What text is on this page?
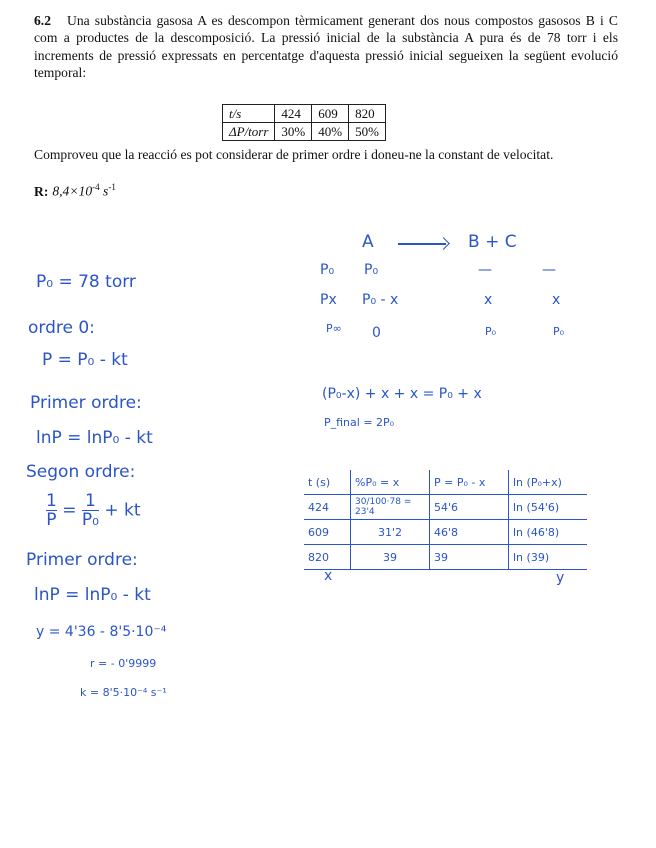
6.2 Una substància gasosa A es descompon tèrmicament generant dos nous compostos gasosos B i C com a productes de la descomposició. La pressió inicial de la substància A pura és de 78 torr i els increments de pressió expressats en percentatge d'aquesta pressió inicial segueixen la següent evolució temporal:
t/s	424	609	820
ΔP/torr	30%	40%	50%
Comproveu que la reacció es pot considerar de primer ordre i doneu-ne la constant de velocitat.
R: $8,4\times 10^{-4}$ $s^{-1}$
P₀ = 78 torr
ordre 0:
P = P₀ - kt
Primer ordre:
lnP = lnP₀ - kt
Segon ordre:
$\frac{1}{P} = \frac{1}{\text{P₀}}$ + kt
Primer ordre:
lnP = lnP₀ - kt
y = 4'36 - 8'5·10⁻⁴
r = - 0'9999
k = 8'5·10⁻⁴ s⁻¹
A	B + C
P₀ P₀	—	—
Px P₀ - x	x	x
P∞ 0	P₀	P₀
(P₀-x) + x + x = P₀ + x
P_final = 2P₀
t (s)	%P₀ = x	P = P₀ - x	ln (P₀+x)
424	30/100·78 = 23'4	54'6	ln (54'6)
609	31'2	46'8	ln (46'8)
820	39	39	ln (39)
x	y
